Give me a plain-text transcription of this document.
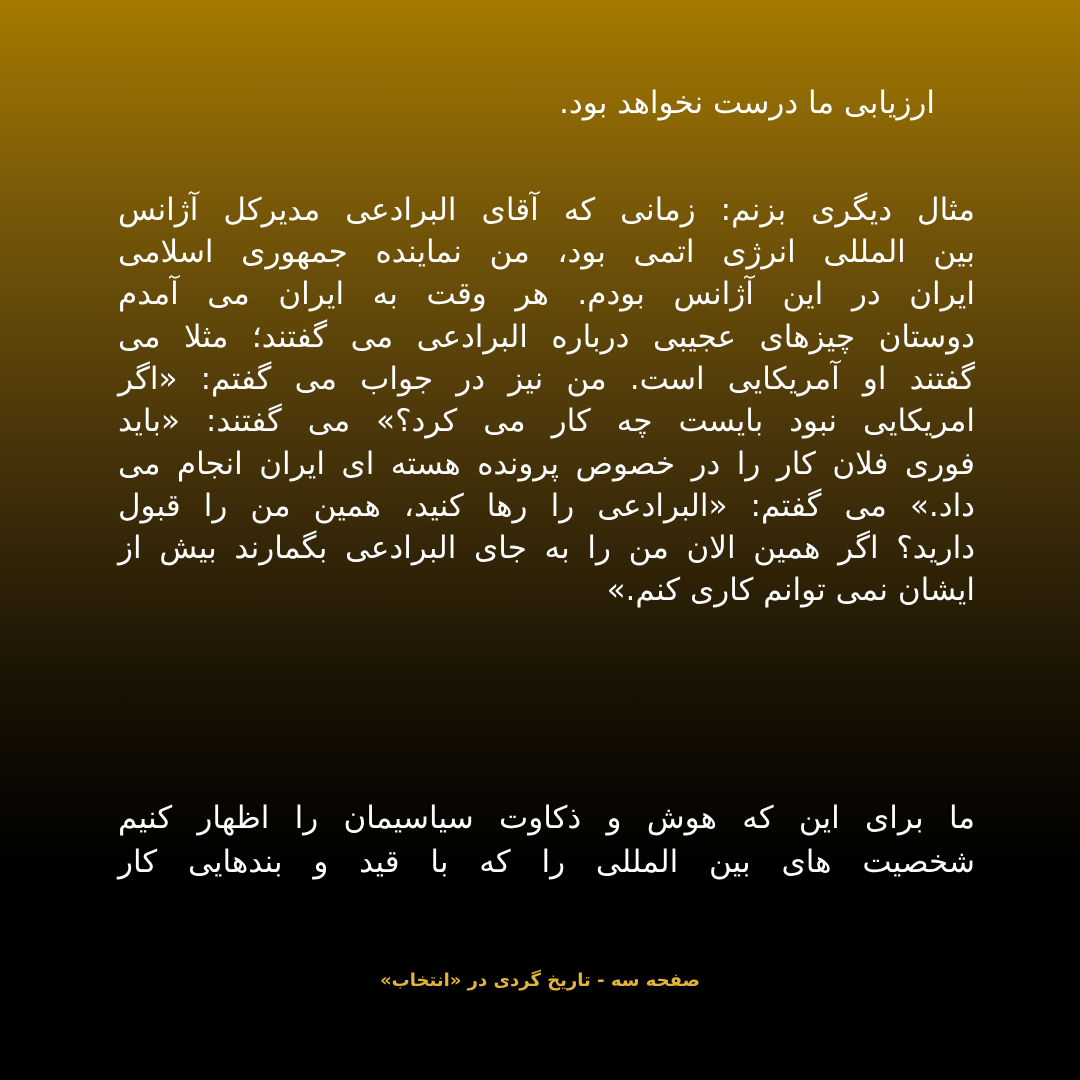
ارزیابی ما درست نخواهد بود.
مثال دیگری بزنم: زمانی که آقای البرادعی مدیرکل آژانس
بین المللی انرژی اتمی بود، من نماینده جمهوری اسلامی
ایران در این آژانس بودم. هر وقت به ایران می آمدم
دوستان چیزهای عجیبی درباره البرادعی می گفتند؛ مثلا می
گفتند او آمریکایی است. من نیز در جواب می گفتم: «اگر
امریکایی نبود بایست چه کار می کرد؟» می گفتند: «باید
فوری فلان کار را در خصوص پرونده هسته ای ایران انجام می
داد.» می گفتم: «البرادعی را رها کنید، همین من را قبول
دارید؟ اگر همین الان من را به جای البرادعی بگمارند بیش از
ایشان نمی توانم کاری کنم.»
ما برای این که هوش و ذکاوت سیاسیمان را اظهار کنیم
شخصیت های بین المللی را که با قید و بندهایی کار
صفحه سه - تاریخ گردی در «انتخاب»
